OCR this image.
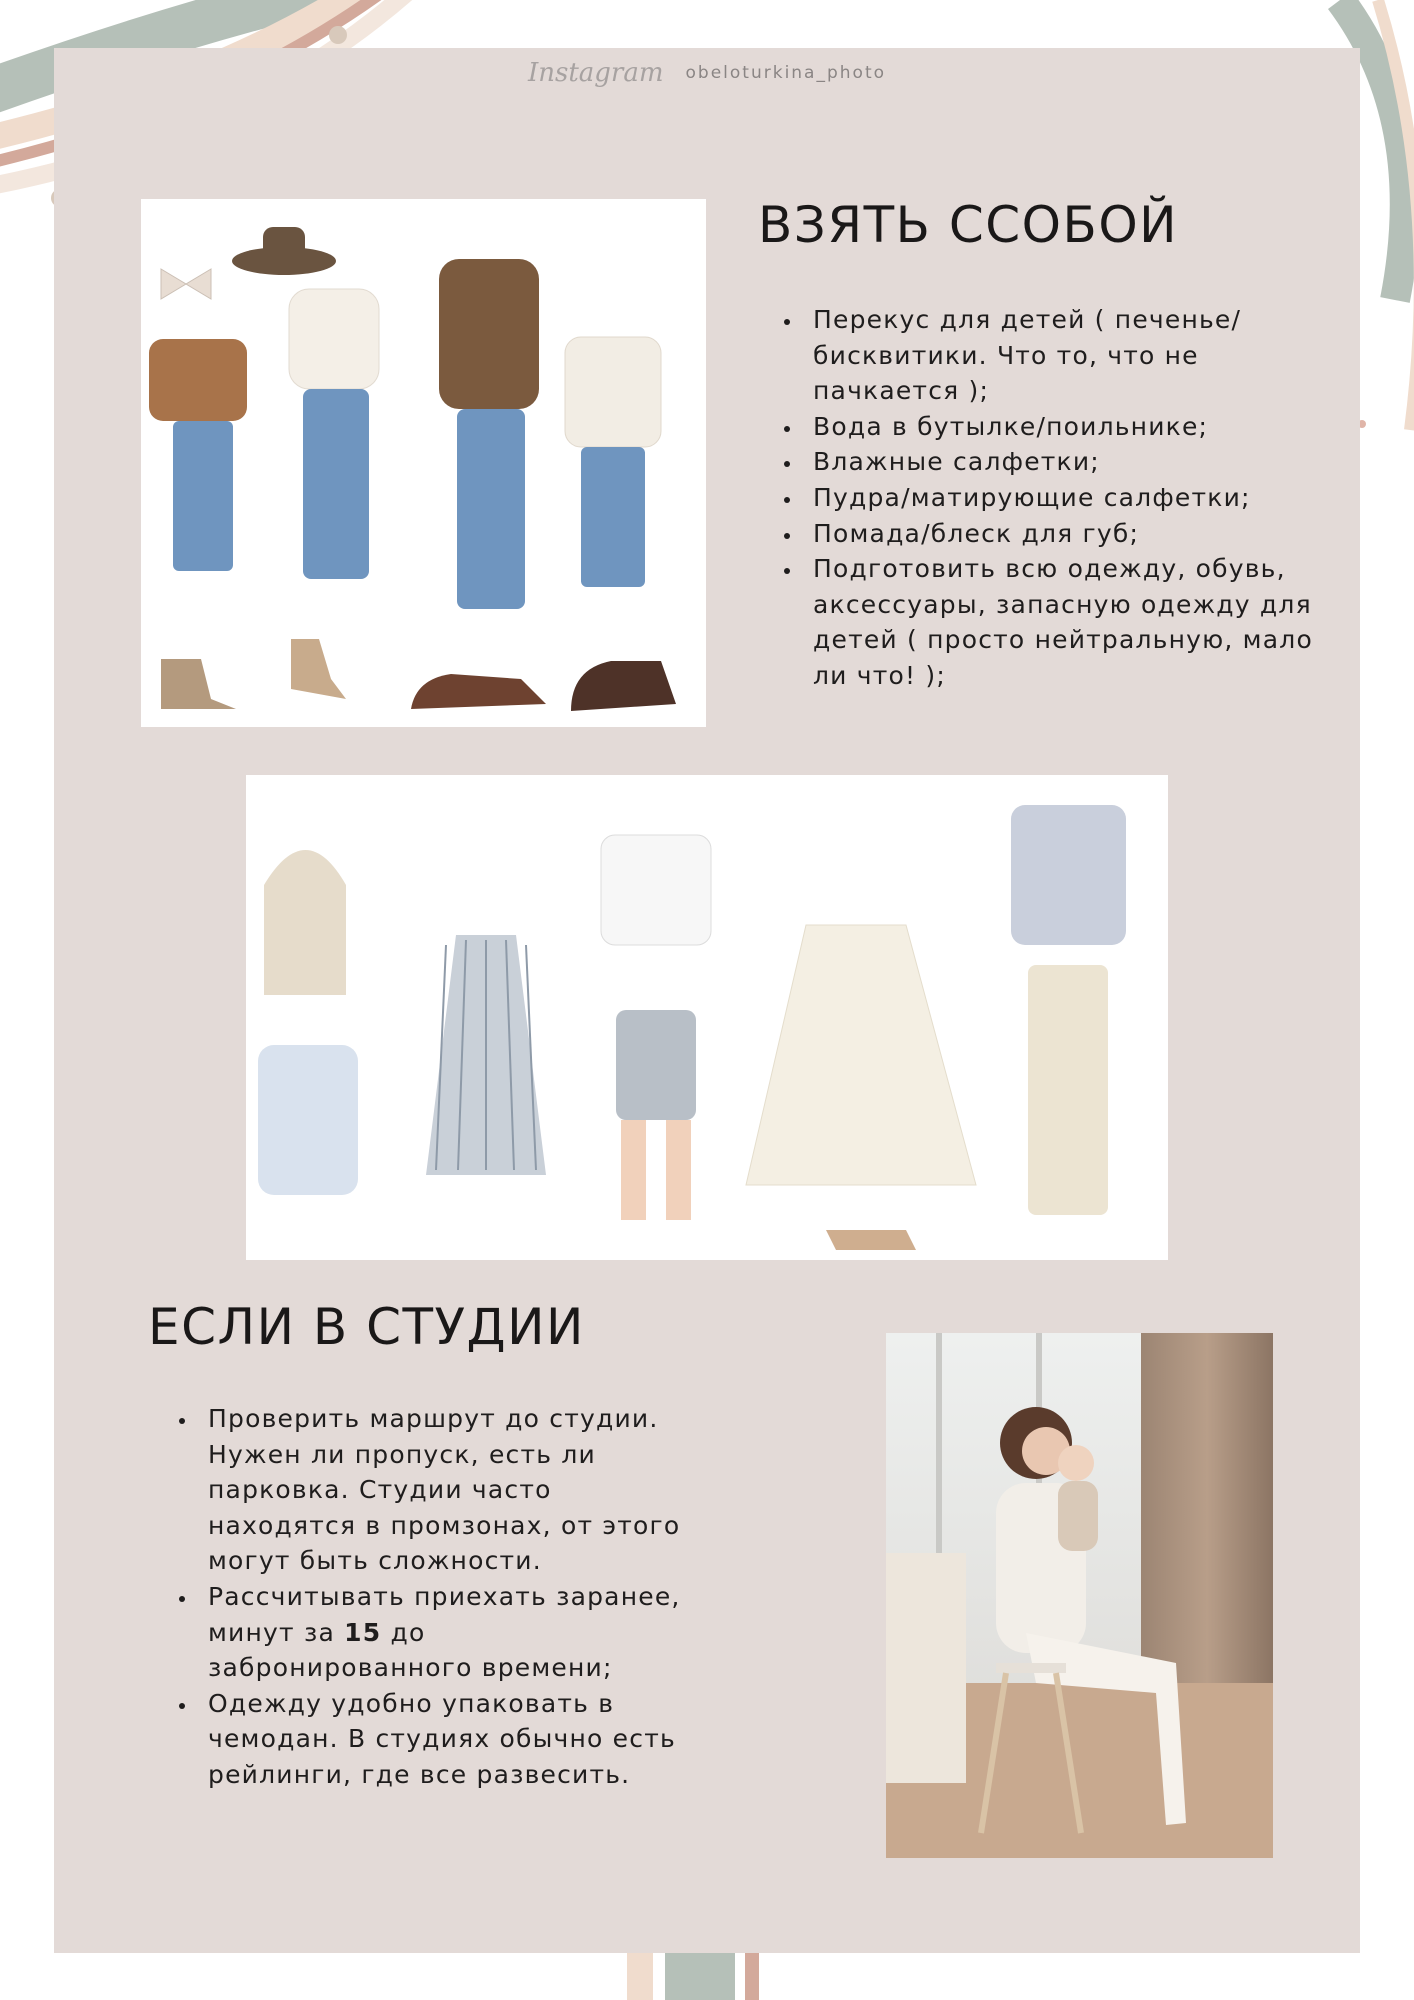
Instagram obeloturkina_photo
ВЗЯТЬ ССОБОЙ
• Перекус для детей ( печенье/ бисквитики. Что то, что не пачкается );
• Вода в бутылке/поильнике;
• Влажные салфетки;
• Пудра/матирующие салфетки;
• Помада/блеск для губ;
• Подготовить всю одежду, обувь, аксессуары, запасную одежду для детей ( просто нейтральную, мало ли что! );
ЕСЛИ В СТУДИИ
• Проверить маршрут до студии. Нужен ли пропуск, есть ли парковка. Студии часто находятся в промзонах, от этого могут быть сложности.
• Рассчитывать приехать заранее, минут за 15 до забронированного времени;
• Одежду удобно упаковать в чемодан. В студиях обычно есть рейлинги, где все развесить.
